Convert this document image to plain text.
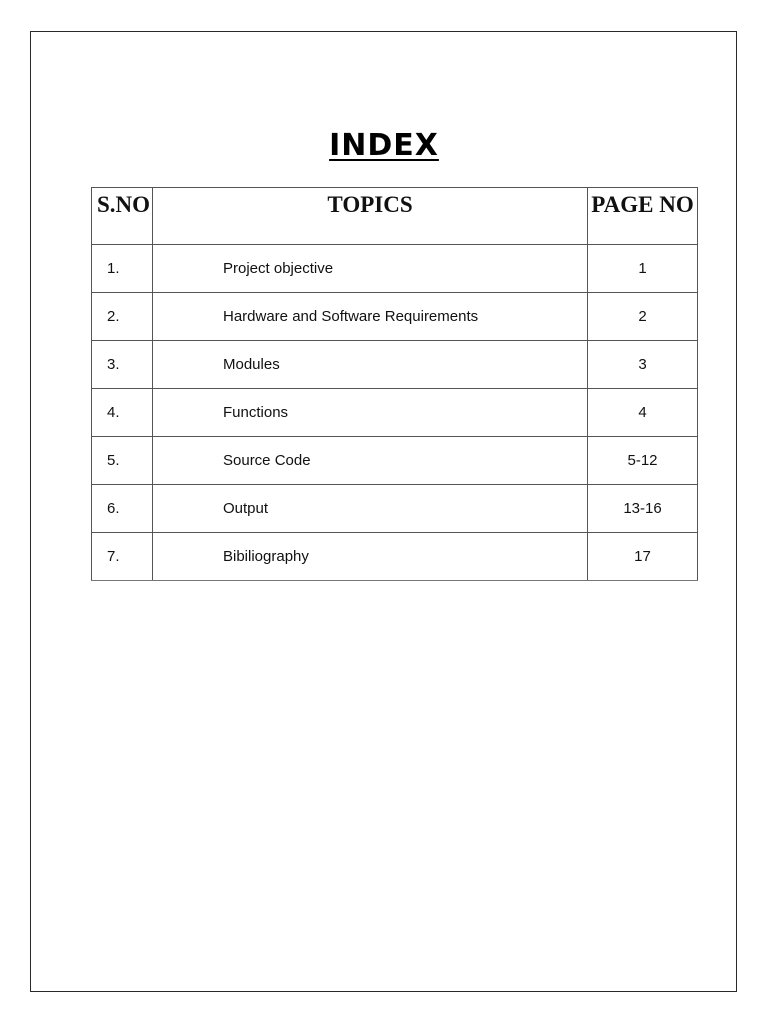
INDEX
S.NO	TOPICS	PAGE NO
1.	Project objective	1
2.	Hardware and Software Requirements	2
3.	Modules	3
4.	Functions	4
5.	Source Code	5-12
6.	Output	13-16
7.	Bibiliography	17
